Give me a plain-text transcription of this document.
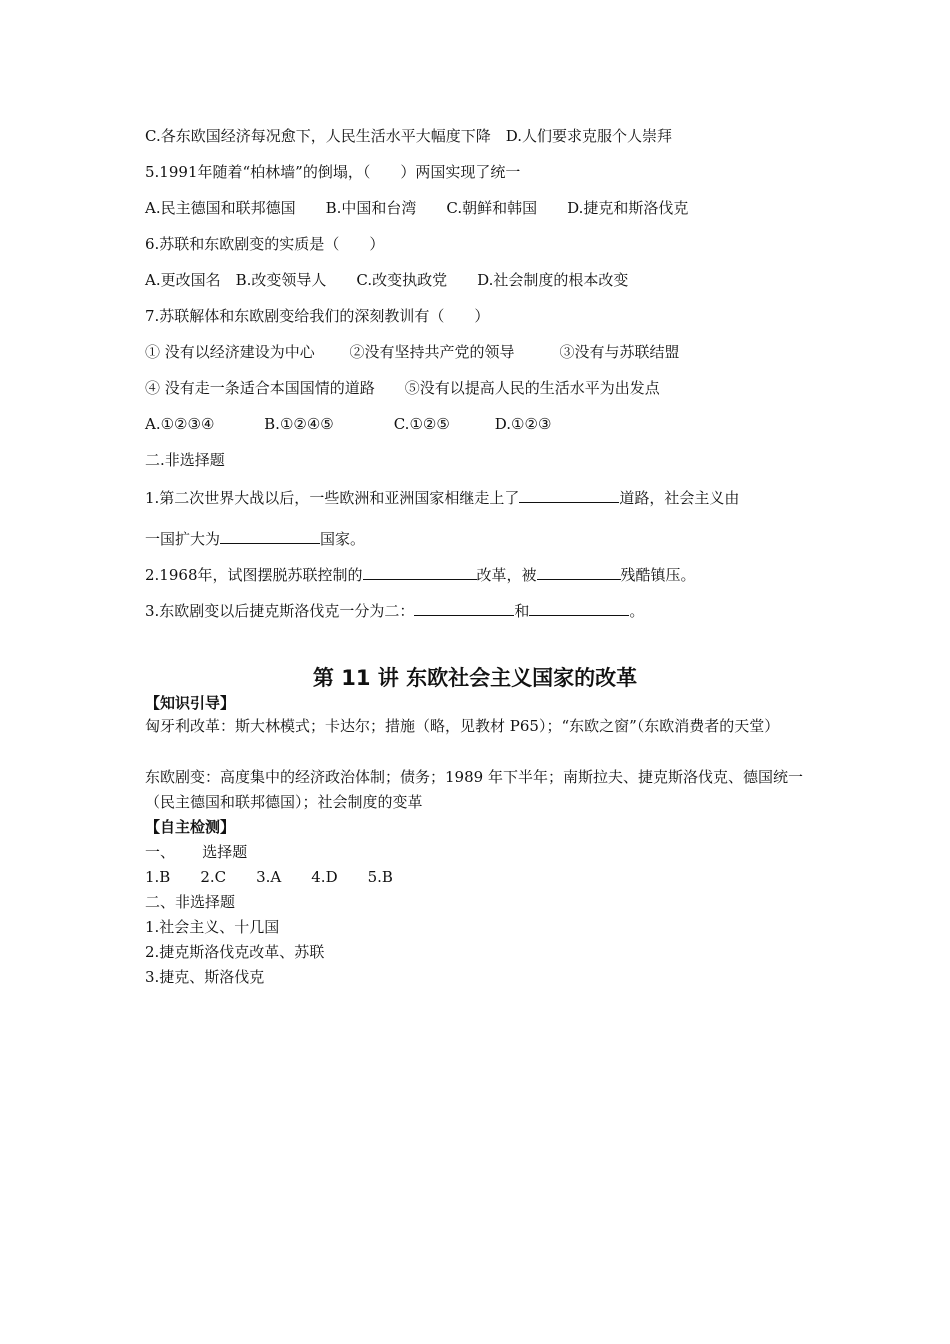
C.各东欧国经济每况愈下，人民生活水平大幅度下降　D.人们要求克服个人崇拜
5.1991年随着“柏林墙”的倒塌，（　　）两国实现了统一
A.民主德国和联邦德国　　B.中国和台湾　　C.朝鲜和韩国　　D.捷克和斯洛伐克
6.苏联和东欧剧变的实质是（　　）
A.更改国名　B.改变领导人　　C.改变执政党　　D.社会制度的根本改变
7.苏联解体和东欧剧变给我们的深刻教训有（　　）
① 没有以经济建设为中心　　 ②没有坚持共产党的领导　　　③没有与苏联结盟
④ 没有走一条适合本国国情的道路　　⑤没有以提高人民的生活水平为出发点
A.①②③④　　　 B.①②④⑤　　　　C.①②⑤　　　D.①②③
二.非选择题
1.第二次世界大战以后，一些欧洲和亚洲国家相继走上了	道路，社会主义由
一国扩大为	国家。
2.1968年，试图摆脱苏联控制的	改革，被	残酷镇压。
3.东欧剧变以后捷克斯洛伐克一分为二：	和	。
第 11 讲 东欧社会主义国家的改革
【知识引导】
匈牙利改革：斯大林模式；卡达尔；措施（略，见教材 P65）；“东欧之窗”（东欧消费者的天堂）
东欧剧变：高度集中的经济政治体制；债务；1989 年下半年；南斯拉夫、捷克斯洛伐克、德国统一（民主德国和联邦德国）；社会制度的变革
【自主检测】
一、　　 选择题
1.B　　2.C　　3.A　　4.D　　5.B
二、非选择题
1.社会主义、十几国
2.捷克斯洛伐克改革、苏联
3.捷克、斯洛伐克
